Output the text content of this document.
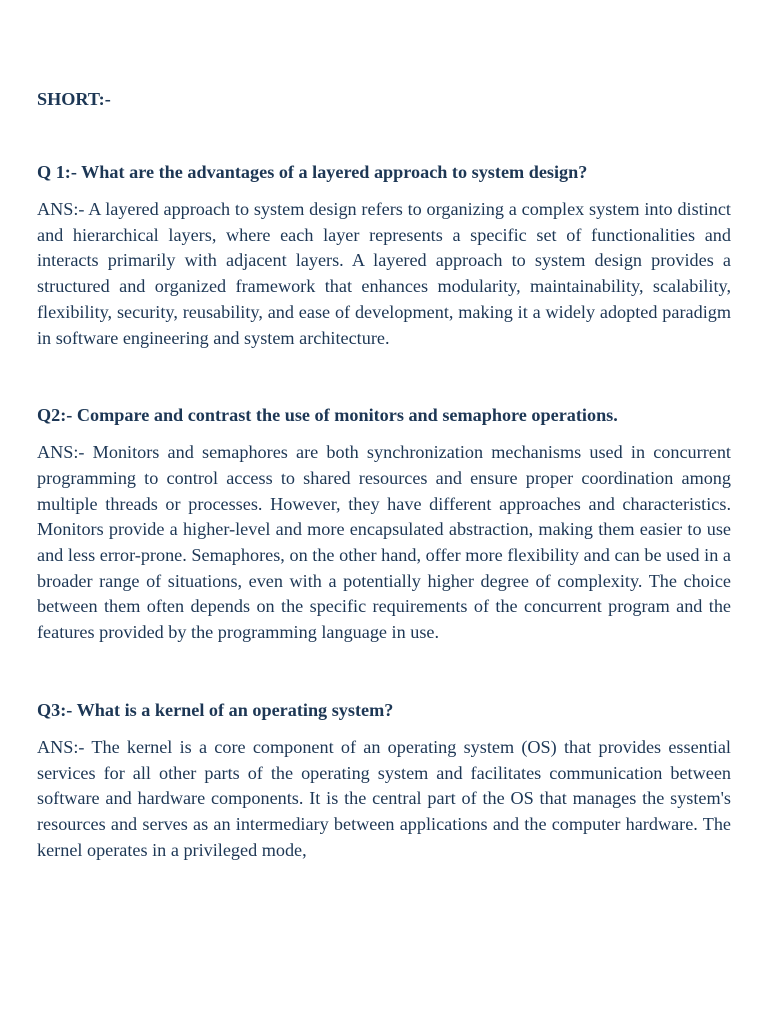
SHORT:-

Q 1:- What are the advantages of a layered approach to system design?

ANS:- A layered approach to system design refers to organizing a complex system into distinct and hierarchical layers, where each layer represents a specific set of functionalities and interacts primarily with adjacent layers. A layered approach to system design provides a structured and organized framework that enhances modularity, maintainability, scalability, flexibility, security, reusability, and ease of development, making it a widely adopted paradigm in software engineering and system architecture.

Q2:- Compare and contrast the use of monitors and semaphore operations.

ANS:- Monitors and semaphores are both synchronization mechanisms used in concurrent programming to control access to shared resources and ensure proper coordination among multiple threads or processes. However, they have different approaches and characteristics. Monitors provide a higher-level and more encapsulated abstraction, making them easier to use and less error-prone. Semaphores, on the other hand, offer more flexibility and can be used in a broader range of situations, even with a potentially higher degree of complexity. The choice between them often depends on the specific requirements of the concurrent program and the features provided by the programming language in use.

Q3:- What is a kernel of an operating system?

ANS:- The kernel is a core component of an operating system (OS) that provides essential services for all other parts of the operating system and facilitates communication between software and hardware components. It is the central part of the OS that manages the system's resources and serves as an intermediary between applications and the computer hardware. The kernel operates in a privileged mode,
